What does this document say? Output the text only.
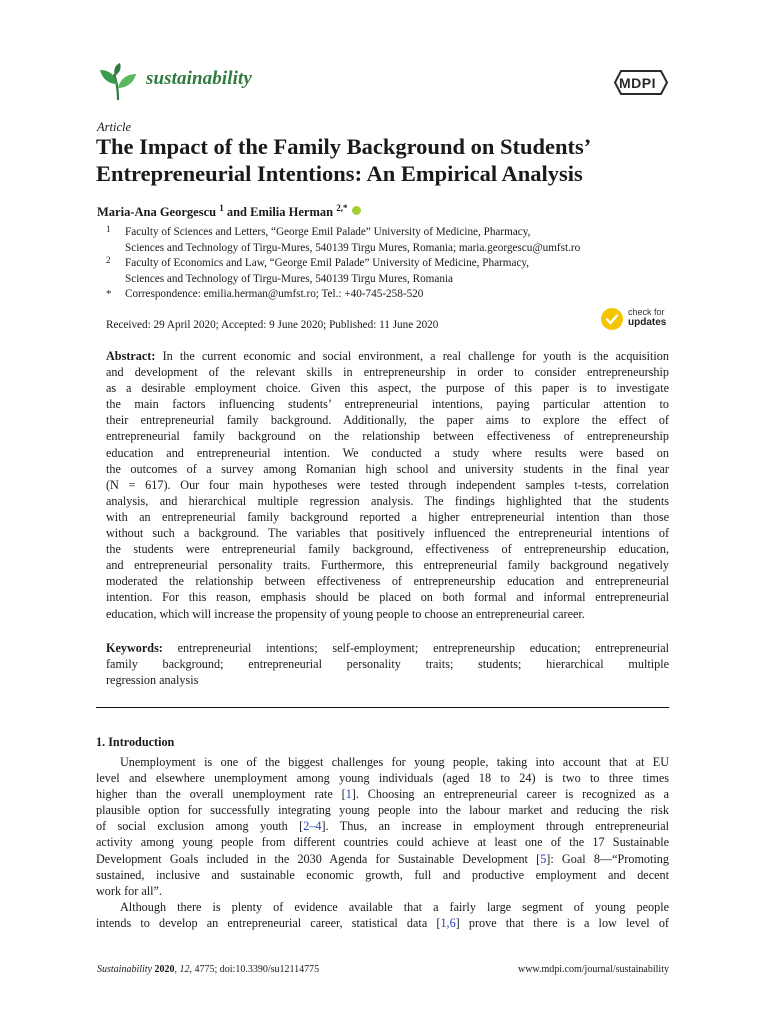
sustainability	MDPI
Article
The Impact of the Family Background on Students’
Entrepreneurial Intentions: An Empirical Analysis
Maria-Ana Georgescu $^1$ and Emilia Herman $^{2,*}$
1 Faculty of Sciences and Letters, “George Emil Palade” University of Medicine, Pharmacy,
Sciences and Technology of Tirgu-Mures, 540139 Tirgu Mures, Romania; maria.georgescu@umfst.ro
2 Faculty of Economics and Law, “George Emil Palade” University of Medicine, Pharmacy,
Sciences and Technology of Tirgu-Mures, 540139 Tirgu Mures, Romania
* Correspondence: emilia.herman@umfst.ro; Tel.: +40-745-258-520
Received: 29 April 2020; Accepted: 9 June 2020; Published: 11 June 2020
check for
updates
Abstract: In the current economic and social environment, a real challenge for youth is the acquisition
and development of the relevant skills in entrepreneurship in order to consider entrepreneurship
as a desirable employment choice. Given this aspect, the purpose of this paper is to investigate
the main factors influencing students’ entrepreneurial intentions, paying particular attention to
their entrepreneurial family background. Additionally, the paper aims to explore the effect of
entrepreneurial family background on the relationship between effectiveness of entrepreneurship
education and entrepreneurial intention. We conducted a study where results were based on
the outcomes of a survey among Romanian high school and university students in the final year
(N = 617). Our four main hypotheses were tested through independent samples t-tests, correlation
analysis, and hierarchical multiple regression analysis. The findings highlighted that the students
with an entrepreneurial family background reported a higher entrepreneurial intention than those
without such a background. The variables that positively influenced the entrepreneurial intentions of
the students were entrepreneurial family background, effectiveness of entrepreneurship education,
and entrepreneurial personality traits. Furthermore, this entrepreneurial family background negatively
moderated the relationship between effectiveness of entrepreneurship education and entrepreneurial
intention. For this reason, emphasis should be placed on both formal and informal entrepreneurial
education, which will increase the propensity of young people to choose an entrepreneurial career.
Keywords: entrepreneurial intentions; self-employment; entrepreneurship education; entrepreneurial
family background; entrepreneurial personality traits; students; hierarchical multiple
regression analysis
1. Introduction
Unemployment is one of the biggest challenges for young people, taking into account that at EU
level and elsewhere unemployment among young individuals (aged 18 to 24) is two to three times
higher than the overall unemployment rate [1]. Choosing an entrepreneurial career is recognized as a
plausible option for successfully integrating young people into the labour market and reducing the risk
of social exclusion among youth [2–4]. Thus, an increase in employment through entrepreneurial
activity among young people from different countries could achieve at least one of the 17 Sustainable
Development Goals included in the 2030 Agenda for Sustainable Development [5]: Goal 8—“Promoting
sustained, inclusive and sustainable economic growth, full and productive employment and decent
work for all”.
Although there is plenty of evidence available that a fairly large segment of young people
intends to develop an entrepreneurial career, statistical data [1,6] prove that there is a low level of
Sustainability 2020, 12, 4775; doi:10.3390/su12114775	www.mdpi.com/journal/sustainability
